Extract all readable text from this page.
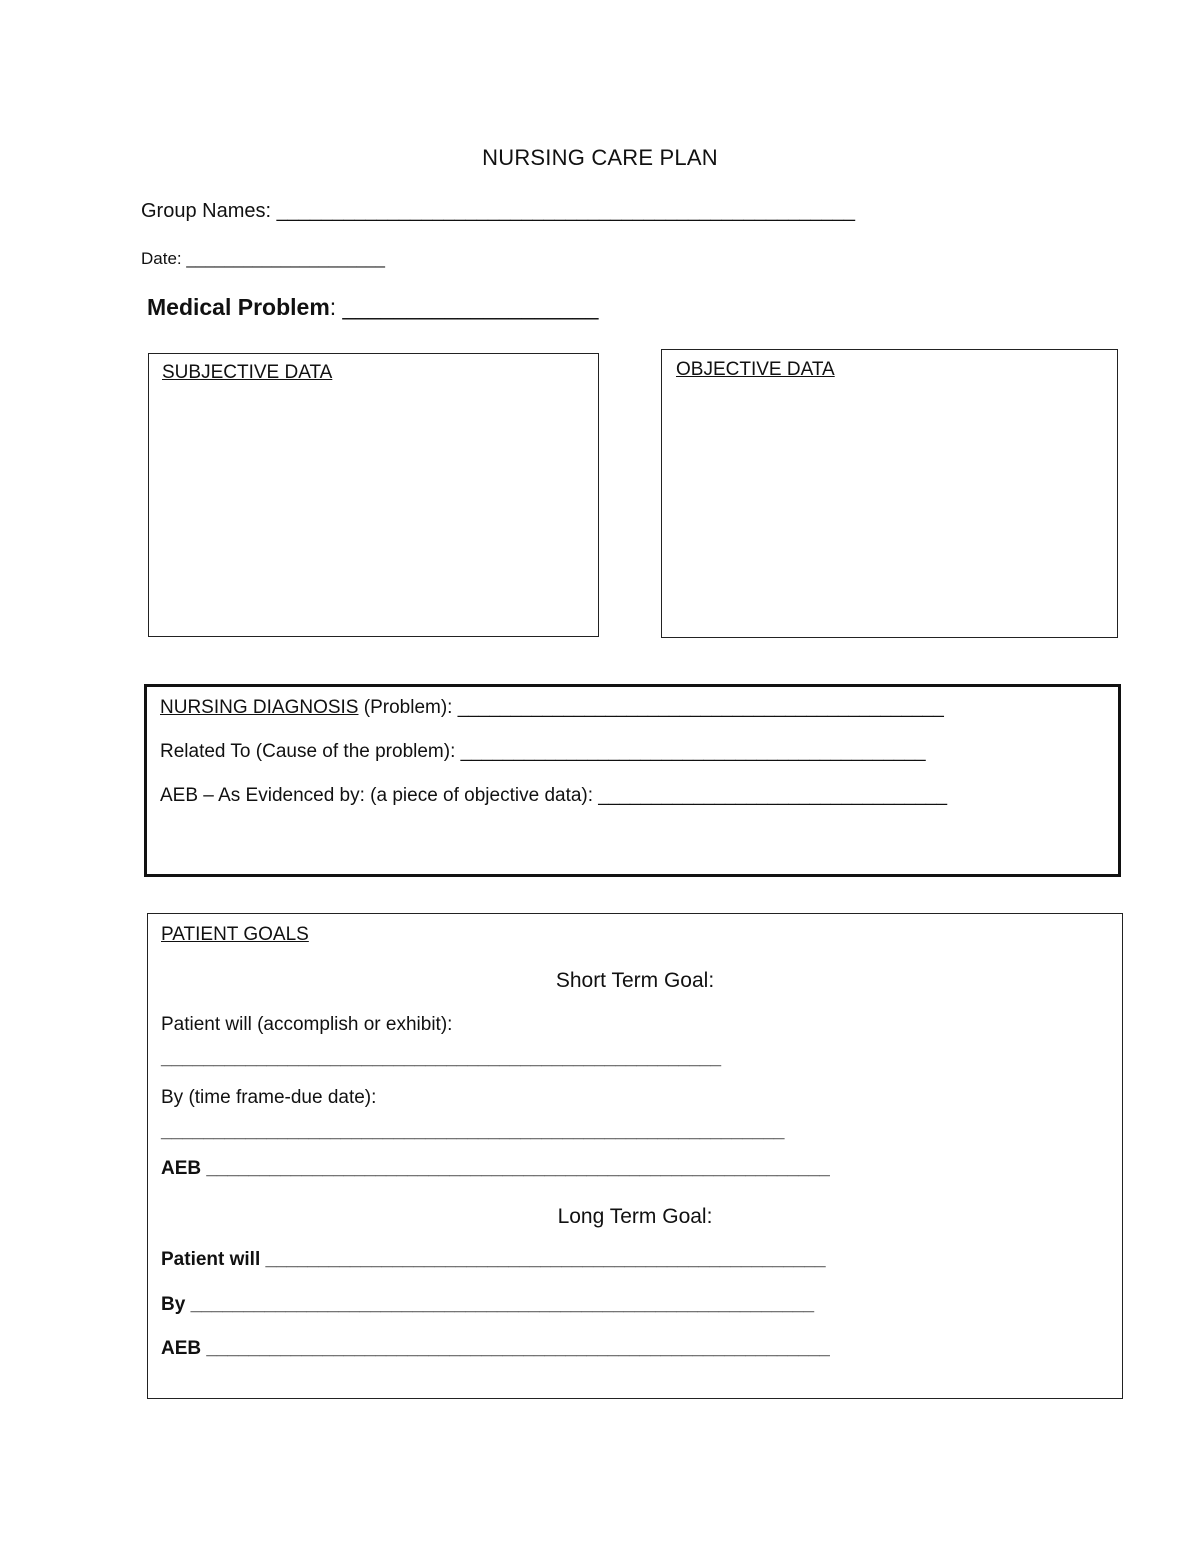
NURSING CARE PLAN
Group Names: ____________________________________________________
Date: _____________________
Medical Problem: ____________________
SUBJECTIVE DATA	OBJECTIVE DATA
NURSING DIAGNOSIS (Problem): ______________________________________________
Related To (Cause of the problem): ____________________________________________
AEB – As Evidenced by: (a piece of objective data): _________________________________
PATIENT GOALS
Short Term Goal:
Patient will (accomplish or exhibit):
_____________________________________________________
By (time frame-due date):
___________________________________________________________
AEB ___________________________________________________________
Long Term Goal:
Patient will _____________________________________________________
By ___________________________________________________________
AEB ___________________________________________________________
